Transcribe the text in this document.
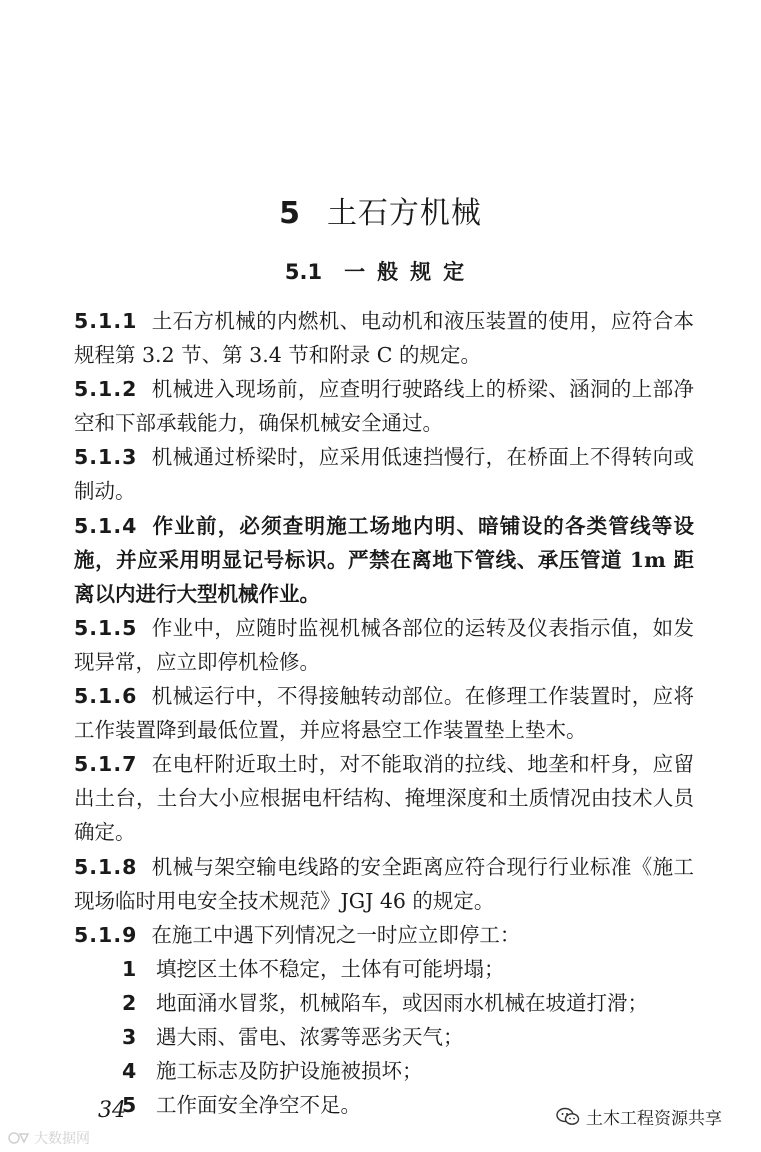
5 土石方机械
5.1 一般规定

5.1.1 土石方机械的内燃机、电动机和液压装置的使用，应符合本规程第 3.2 节、第 3.4 节和附录 C 的规定。

5.1.2 机械进入现场前，应查明行驶路线上的桥梁、涵洞的上部净空和下部承载能力，确保机械安全通过。

5.1.3 机械通过桥梁时，应采用低速挡慢行，在桥面上不得转向或制动。

5.1.4 作业前，必须查明施工场地内明、暗铺设的各类管线等设施，并应采用明显记号标识。严禁在离地下管线、承压管道 1m 距离以内进行大型机械作业。

5.1.5 作业中，应随时监视机械各部位的运转及仪表指示值，如发现异常，应立即停机检修。

5.1.6 机械运行中，不得接触转动部位。在修理工作装置时，应将工作装置降到最低位置，并应将悬空工作装置垫上垫木。

5.1.7 在电杆附近取土时，对不能取消的拉线、地垄和杆身，应留出土台，土台大小应根据电杆结构、掩埋深度和土质情况由技术人员确定。

5.1.8 机械与架空输电线路的安全距离应符合现行行业标准《施工现场临时用电安全技术规范》JGJ 46 的规定。

5.1.9 在施工中遇下列情况之一时应立即停工：

1 填挖区土体不稳定，土体有可能坍塌；

2 地面涌水冒浆，机械陷车，或因雨水机械在坡道打滑；

3 遇大雨、雷电、浓雾等恶劣天气；

4 施工标志及防护设施被损坏；

5 工作面安全净空不足。

34	土木工程资源共享
大数据网
